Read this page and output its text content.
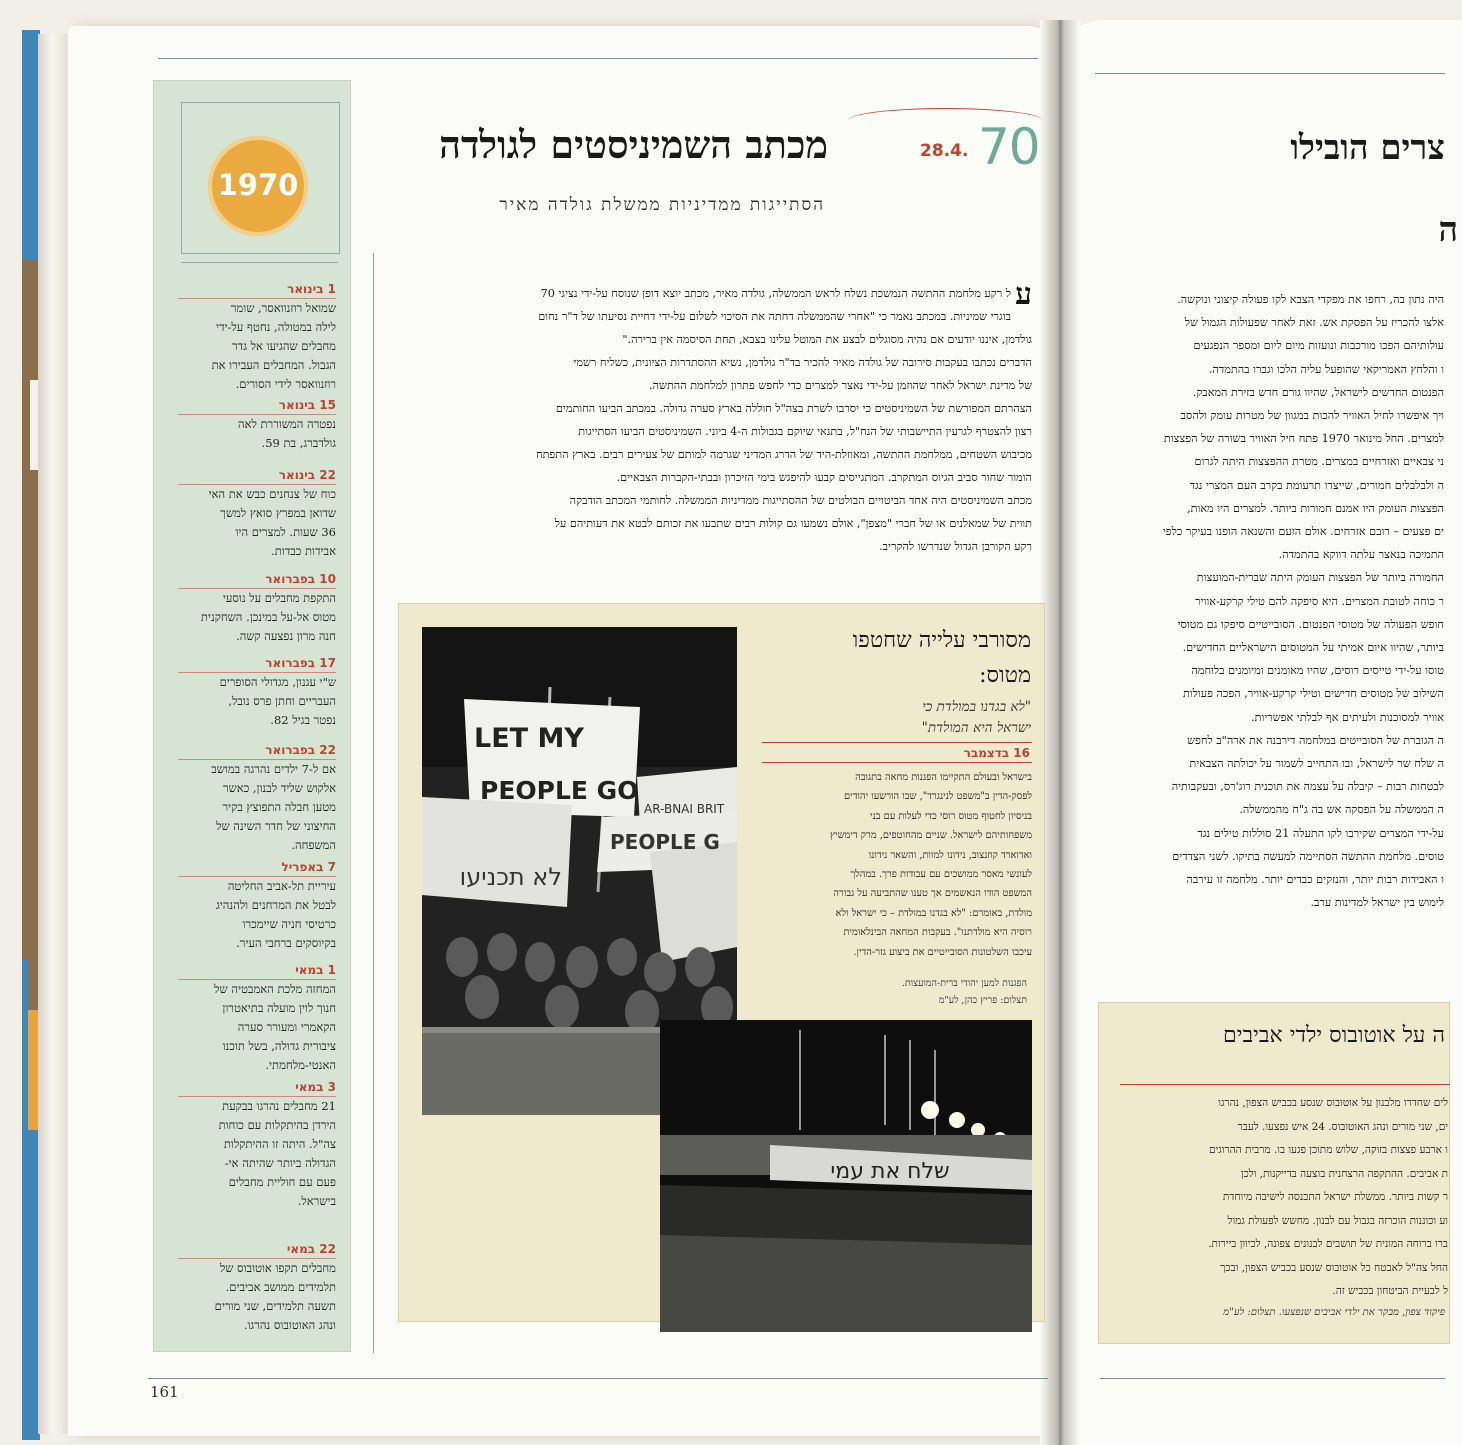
161
1970
1 בינואר
שמואל רוזנוואסר, שומר
לילה במטולה, נחטף על-ידי
מחבלים שהגיעו אל גדר
הגבול. המחבלים העבירו את
רוזנוואסר לידי הסורים.
15 בינואר
נפטרה המשוררת לאה
גולדברג, בת 59.
22 בינואר
כוח של צנחנים כבש את האי
שדואן במפרץ סואץ למשך
36 שעות. למצרים היו
אבידות כבדות.
10 בפברואר
התקפת מחבלים על נוסעי
מטוס אל-על במינכן. השחקנית
חנה מרון נפצעה קשה.
17 בפברואר
ש"י עגנון, מגדולי הסופרים
העבריים וחתן פרס נובל,
נפטר בגיל 82.
22 בפברואר
אם ל-7 ילדים נהרגה במושב
אלקוש שליד לבנון, כאשר
מטען חבלה התפוצץ בקיר
החיצוני של חדר השינה של
המשפחה.
7 באפריל
עיריית תל-אביב החליטה
לבטל את המרחנים ולהנהיג
כרטיסי חניה שיימכרו
בקיוסקים ברחבי העיר.
1 במאי
המחזה מלכת האמבטיה של
חנוך לוין מועלה בתיאטרון
הקאמרי ומעורר סערה
ציבורית גדולה, בשל תוכנו
האנטי-מלחמתי.
3 במאי
21 מחבלים נהרגו בבקעת
הירדן בהיתקלות עם כוחות
צה"ל. היתה זו ההיתקלות
הגדולה ביותר שהיתה אי-
פעם עם חוליית מחבלים
בישראל.
22 במאי
מחבלים תקפו אוטובוס של
תלמידים ממושב אביבים.
תשעה תלמידים, שני מורים
ונהג האוטובוס נהרגו.
70
28.4.
מכתב השמיניסטים לגולדה
הסתייגות ממדיניות ממשלת גולדה מאיר
ע
ל רקע מלחמת ההתשה הנמשכת נשלח לראש הממשלה, גולדה מאיר, מכתב יוצא דופן שנוסח על-ידי נציגי 70
בוגרי שמיניות. במכתב נאמר כי "אחרי שהממשלה דחתה את הסיכוי לשלום על-ידי דחיית נסיעתו של ד"ר נחום
גולדמן, איננו יודעים אם נהיה מסוגלים לבצע את המוטל עלינו בצבא, תחת הסיסמה אין ברירה."
הדברים נכתבו בעקבות סירובה של גולדה מאיר להכיר בד"ר גולדמן, נשיא ההסתדרות הציונית, כשליח רשמי
של מדינת ישראל לאחר שהוזמן על-ידי נאצר למצרים כדי לחפש פתרון למלחמת ההתשה.
הצהרתם המפורשת של השמיניסטים כי יסרבו לשרת בצה"ל חוללה בארץ סערה גדולה. במכתב הביעו החותמים
רצון להצטרף לגרעין התיישבותי של הנח"ל, בתנאי שיוקם בגבולות ה-4 ביוני. השמיניסטים הביעו הסתייגות
מכיבוש השטחים, ממלחמת ההתשה, ומאוזלת-היד של הדרג המדיני שגרמה למותם של צעירים רבים. בארץ התפתח
הומור שחור סביב הגיוס המתקרב. המתגייסים קבעו להיפגש בימי הזיכרון ובבתי-הקברות הצבאיים.
מכתב השמיניסטים היה אחד הביטויים הבולטים של ההסתייגות ממדיניות הממשלה. לחותמי המכתב הודבקה
תווית של שמאלנים או של חברי "מצפן", אולם נשמעו גם קולות רבים שתבעו את זכותם לבטא את דעותיהם על
רקע הקורבן הגדול שנדרשו להקריב.
LET MY
PEOPLE GO
AR-BNAI BRIT
PEOPLE G
לא תכניעו
שלח את עמי
מסורבי עלייה שחטפו
מטוס:
"לא בגדנו במולדת כי
ישראל היא המולדת"
16 בדצמבר
בישראל ובעולם התקיימו הפגנות מחאה בתגובה
לפסק-הדין ב"משפט לנינגרד", שבו הורשעו יהודים
בניסיון לחטוף מטוס רוסי כדי לעלות עם בני
משפחותיהם לישראל. שניים מהחוטפים, מרק דימשיץ
ואדוארד קוזנצוב, נידונו למוות, והשאר נידונו
לעונשי מאסר ממושכים עם עבודות פרך. במהלך
המשפט הודו הנאשמים אך טענו שהתביעה על גבורה
מולדת, באומרם: "לא בגדנו במולדת – כי ישראל ולא
רוסיה היא מולדתנו". בעקבות המחאה הבינלאומית
עיכבו השלטונות הסובייטיים את ביצוע גזר-הדין.
הפגנות למען יהודי ברית-המועצות.
תצלום: פריץ כהן, לע"מ
צרים הובילו
ה
היה נתון בה, רחפו את מפקדי הצבא לקו פעולה קיצוני ונוקשה.
אלצו להכריז על הפסקת אש. זאת לאחר שפעולות הגמול של
עולותיהם הפכו מורכבות ונועזות מיום ליום ומספר הנפגעים
ו והלחץ האמריקאי שהופעל עליה הלכו וגברו בהתמדה.
הפנטום החדשים לישראל, שהיוו גורם חדש בזירת המאבק.
ויך איפשרו לחיל האוויר להכות במגוון של מטרות עומק ולהסב
למצרים. החל מינואר 1970 פתח חיל האוויר בשורה של הפצצות
ני צבאיים ואזרחיים במצרים. מטרת ההפצצות היתה לגרום
ה ולבלבלים חמורים, שייצרו תרעומת בקרב העם המצרי נגד
הפצצות העומק היו אמנם חמורות ביותר. למצרים היו מאות,
ים פצעים – רובם אזרחים. אולם הזעם והשנאה הופנו בעיקר כלפי
התמיכה בנאצר עלתה דווקא בהתמדה.
החמורה ביותר של הפצצות העומק היתה שברית-המועצות
ר כוחה לטובת המצרים. היא סיפקה להם טילי קרקע-אוויר
חופש הפעולה של מטוסי הפנטום. הסובייטיים סיפקו גם מטוסי
ביותר, שהיוו איום אמיתי על המטוסים הישראליים החדישים.
טוסו על-ידי טייסים רוסים, שהיו מאומנים ומיומנים בלוחמה
השילוב של מטוסים חדישים וטילי קרקע-אוויר, הפכה פעולות
אוויר למסוכנות ולעיתים אף לבלתי אפשריות.
ה הגוברת של הסובייטים במלחמה דירבנה את ארה"ב לחפש
ה שלח שר לישראל, ובו התחייב לשמור על יכולתה הצבאית
לבטחות רבות – קיבלה על עצמה את תוכנית רוג'רס, ובעקבותיה
ה הממשלה על הפסקה אש בה ג"ח מהממשלה.
על-ידי המצרים שקירבו לקו התעלה 21 סוללות טילים נגד
טוסים. מלחמת ההתשה הסתיימה למעשה בתיקו. לשני הצדדים
ו האבידות רבות יותר, והנזקים כבדים יותר. מלחמה זו עירבה
לימוש בין ישראל למדינות ערב.
ה על אוטובוס ילדי אביבים
לים שחדרו מלבנון על אוטובוס שנסע בכביש הצפון, נהרגו
ים, שני מורים ונהג האוטובוס. 24 איש נפצעו. לעבר
ו ארבע פצצות בזוקה, שלוש מתוכן פגעו בו. מרבית ההרוגים
ת אביבים. ההתקפה הרצחנית בוצעה בדייקנות, ולכן
ר קשות ביותר. ממשלת ישראל התכנסה לישיבה מיוחדת
וע וכוננות הוכרזה בגבול עם לבנון. מחשש לפעולת גמול
ברו ברוחה המונית של תושבים לבנונים צפונה, לכיוון ביירות.
החל צה"ל לאבטח כל אוטובוס שנסע בכביש הצפון, ובכך
ל לבעיית הביטחון בכביש זה.
פיקוד צפון, מבקר את ילדי אביבים שנפצעו. תצלום: לע"מ
